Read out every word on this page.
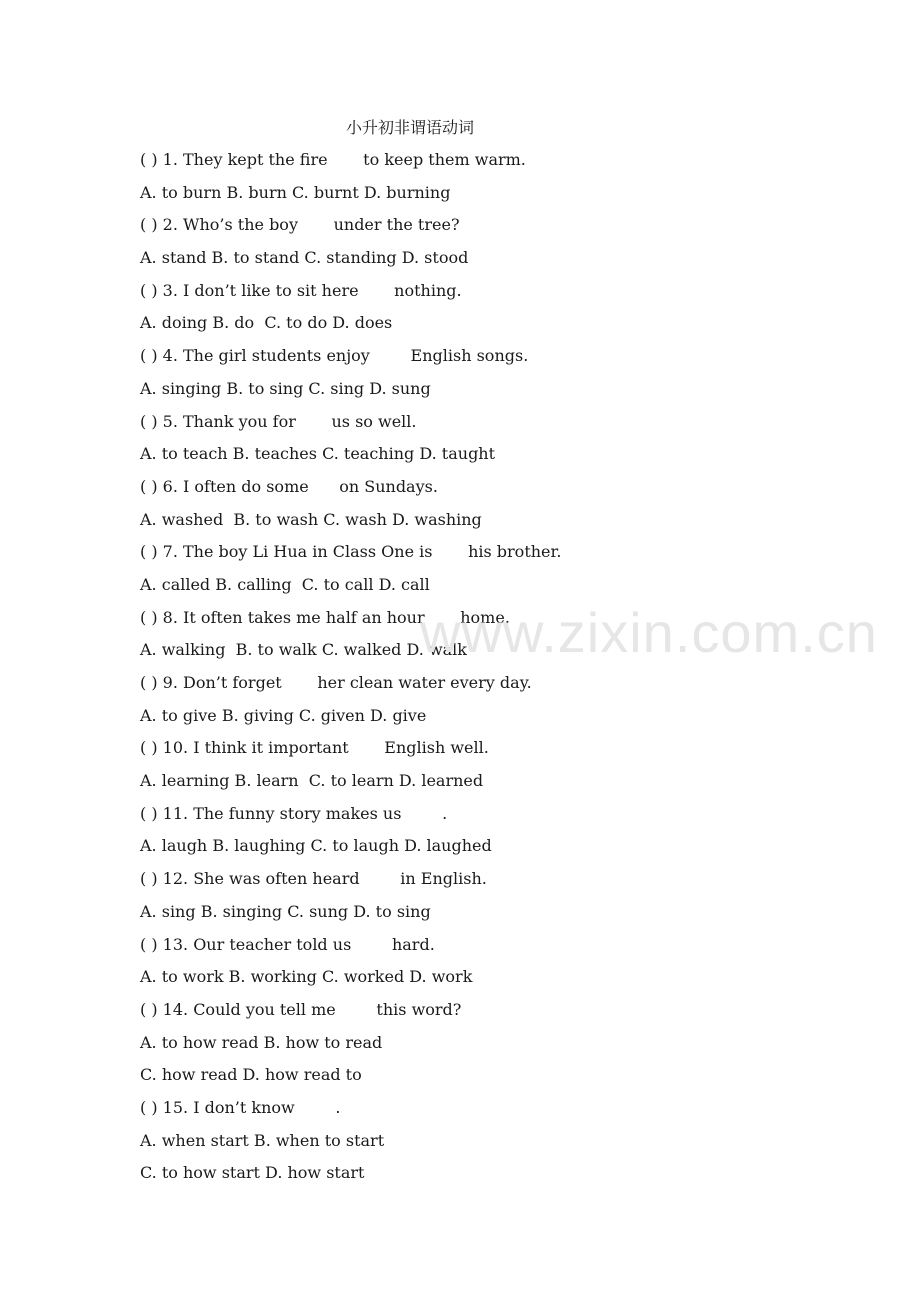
小升初非谓语动词
( ) 1. They kept the fire       to keep them warm.
A. to burn B. burn C. burnt D. burning
( ) 2. Who’s the boy       under the tree?
A. stand B. to stand C. standing D. stood
( ) 3. I don’t like to sit here       nothing.
A. doing B. do  C. to do D. does
( ) 4. The girl students enjoy        English songs.
A. singing B. to sing C. sing D. sung
( ) 5. Thank you for       us so well.
A. to teach B. teaches C. teaching D. taught
( ) 6. I often do some      on Sundays.
A. washed  B. to wash C. wash D. washing
( ) 7. The boy Li Hua in Class One is       his brother.
A. called B. calling  C. to call D. call
( ) 8. It often takes me half an hour       home.
A. walking  B. to walk C. walked D. walk
( ) 9. Don’t forget       her clean water every day.
A. to give B. giving C. given D. give
( ) 10. I think it important       English well.
A. learning B. learn  C. to learn D. learned
( ) 11. The funny story makes us        .
A. laugh B. laughing C. to laugh D. laughed
( ) 12. She was often heard        in English.
A. sing B. singing C. sung D. to sing
( ) 13. Our teacher told us        hard.
A. to work B. working C. worked D. work
( ) 14. Could you tell me        this word?
A. to how read B. how to read
C. how read D. how read to
( ) 15. I don’t know        .
A. when start B. when to start
C. to how start D. how start
www.zixin.com.cn
